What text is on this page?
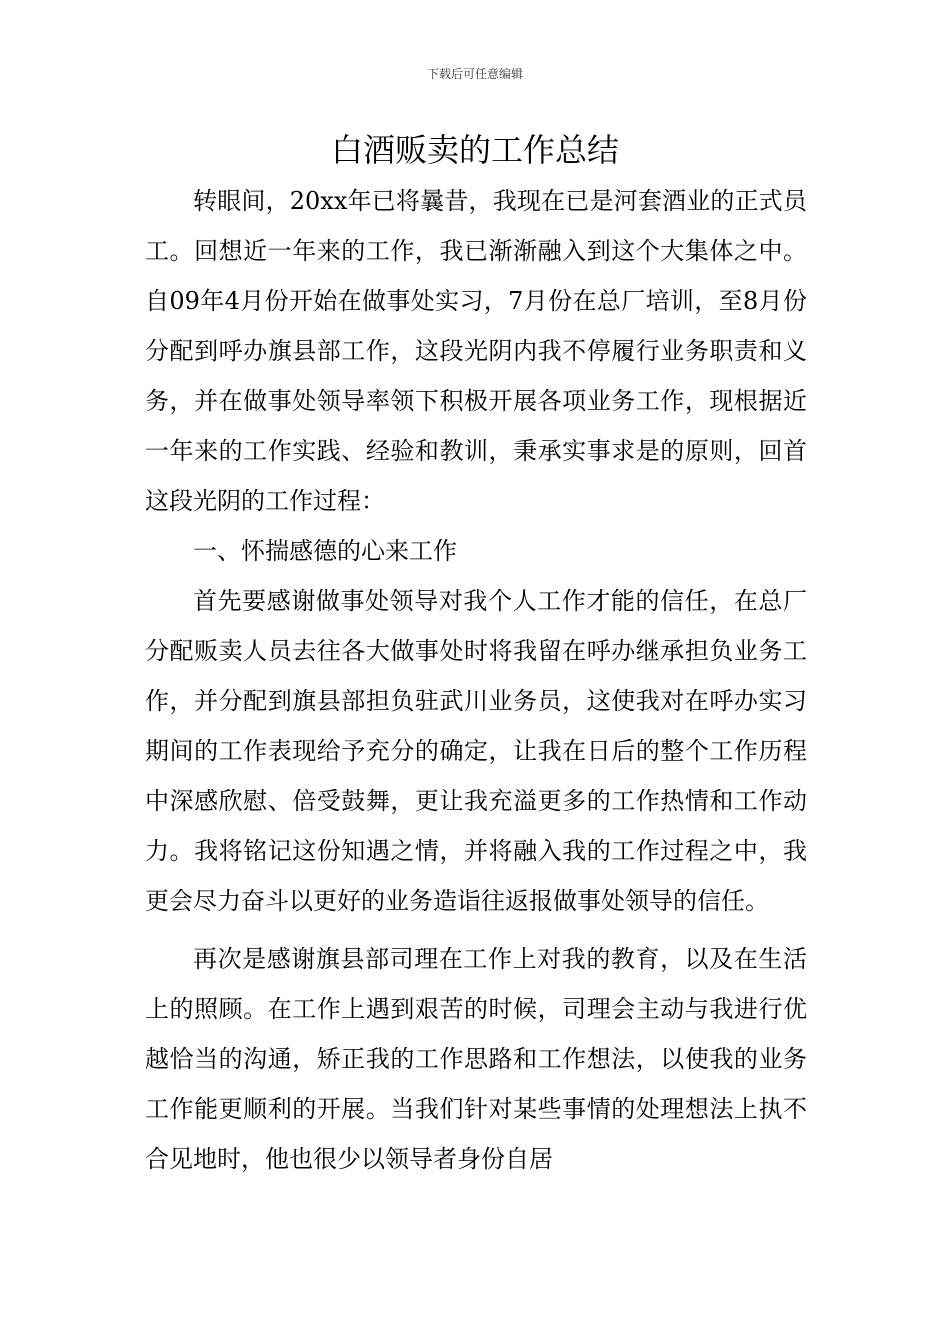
下载后可任意编辑
白酒贩卖的工作总结

转眼间，20xx年已将曩昔，我现在已是河套酒业的正式员工。回想近一年来的工作，我已渐渐融入到这个大集体之中。自09年4月份开始在做事处实习，7月份在总厂培训，至8月份分配到呼办旗县部工作，这段光阴内我不停履行业务职责和义务，并在做事处领导率领下积极开展各项业务工作，现根据近一年来的工作实践、经验和教训，秉承实事求是的原则，回首这段光阴的工作过程：

一、怀揣感德的心来工作

首先要感谢做事处领导对我个人工作才能的信任，在总厂分配贩卖人员去往各大做事处时将我留在呼办继承担负业务工作，并分配到旗县部担负驻武川业务员，这使我对在呼办实习期间的工作表现给予充分的确定，让我在日后的整个工作历程中深感欣慰、倍受鼓舞，更让我充溢更多的工作热情和工作动力。我将铭记这份知遇之情，并将融入我的工作过程之中，我更会尽力奋斗以更好的业务造诣往返报做事处领导的信任。

再次是感谢旗县部司理在工作上对我的教育，以及在生活上的照顾。在工作上遇到艰苦的时候，司理会主动与我进行优越恰当的沟通，矫正我的工作思路和工作想法，以使我的业务工作能更顺利的开展。当我们针对某些事情的处理想法上执不合见地时，他也很少以领导者身份自居
